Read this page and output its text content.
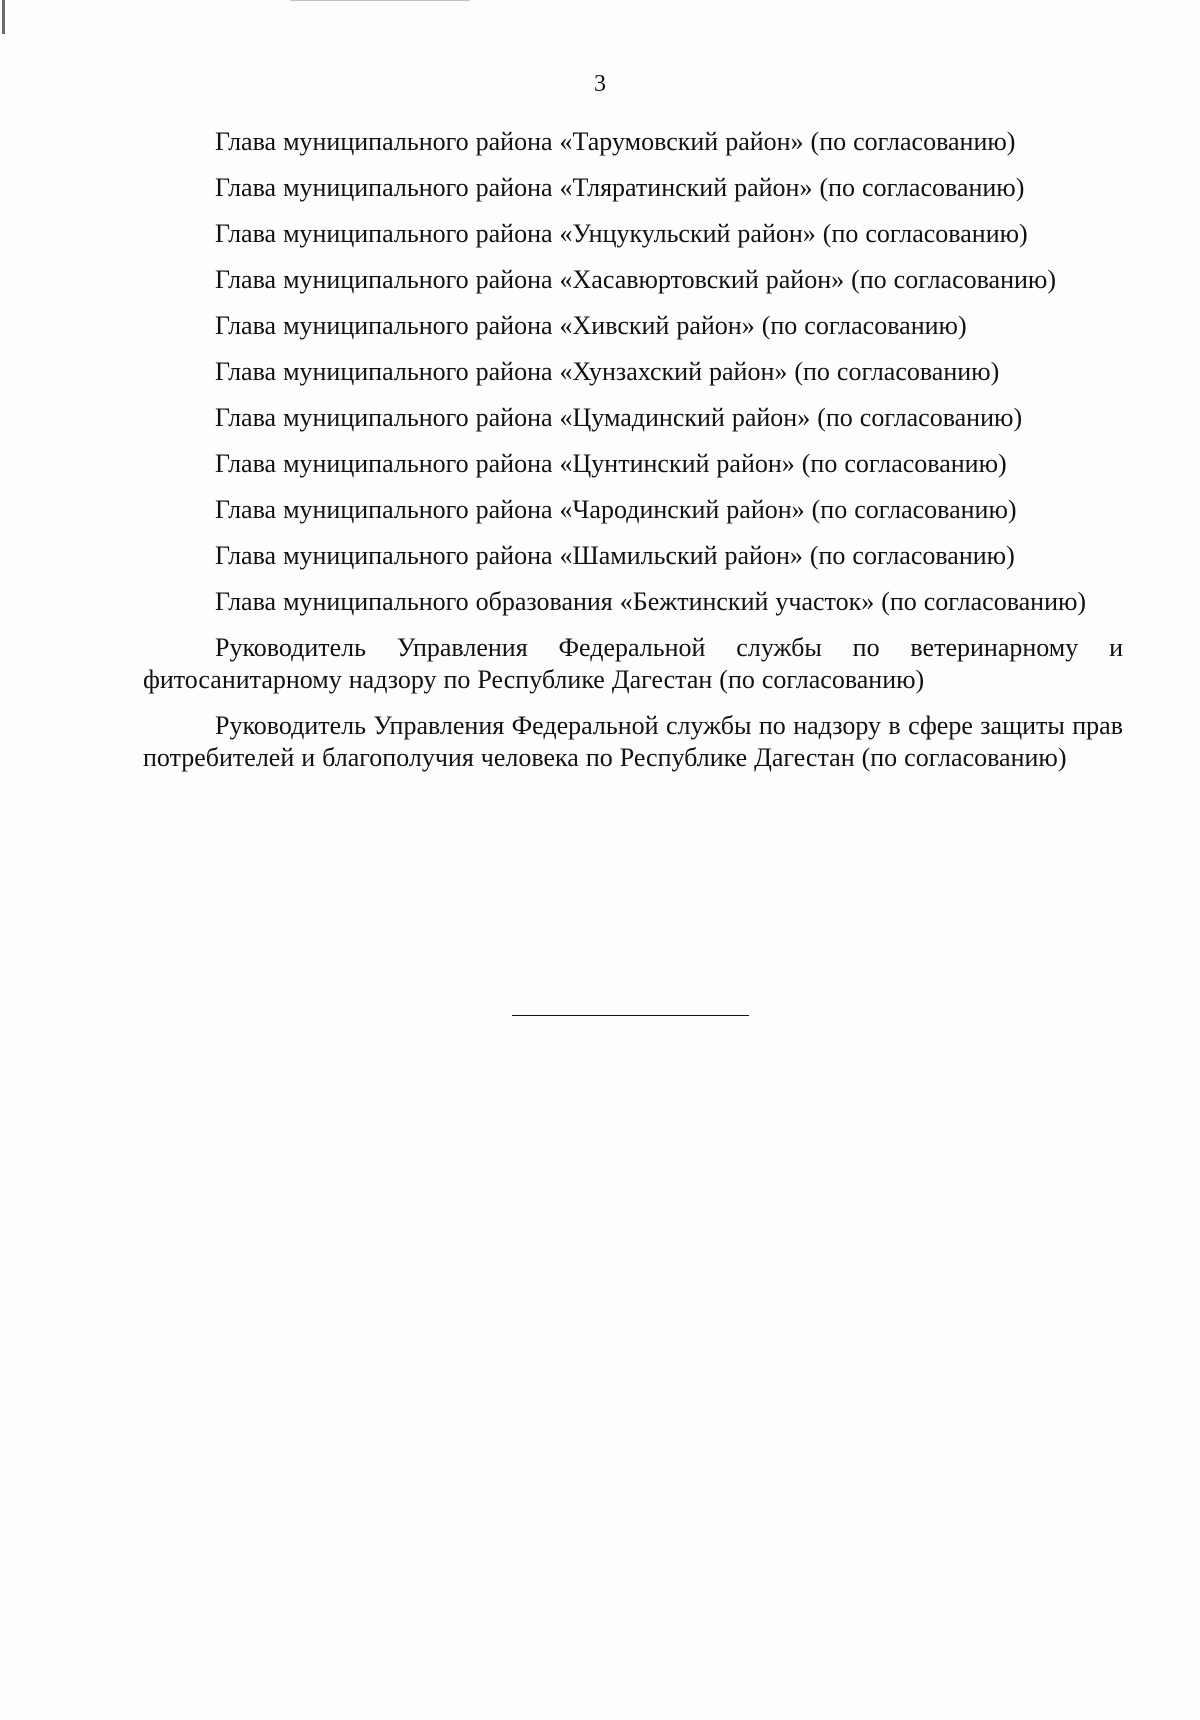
3

Глава муниципального района «Тарумовский район» (по согласованию)

Глава муниципального района «Тляратинский район» (по согласованию)

Глава муниципального района «Унцукульский район» (по согласованию)

Глава муниципального района «Хасавюртовский район» (по согласованию)

Глава муниципального района «Хивский район» (по согласованию)

Глава муниципального района «Хунзахский район» (по согласованию)

Глава муниципального района «Цумадинский район» (по согласованию)

Глава муниципального района «Цунтинский район» (по согласованию)

Глава муниципального района «Чародинский район» (по согласованию)

Глава муниципального района «Шамильский район» (по согласованию)

Глава муниципального образования «Бежтинский участок» (по согласованию)

Руководитель Управления Федеральной службы по ветеринарному и фитосанитарному надзору по Республике Дагестан (по согласованию)

Руководитель Управления Федеральной службы по надзору в сфере защиты прав потребителей и благополучия человека по Республике Дагестан (по согласованию)
